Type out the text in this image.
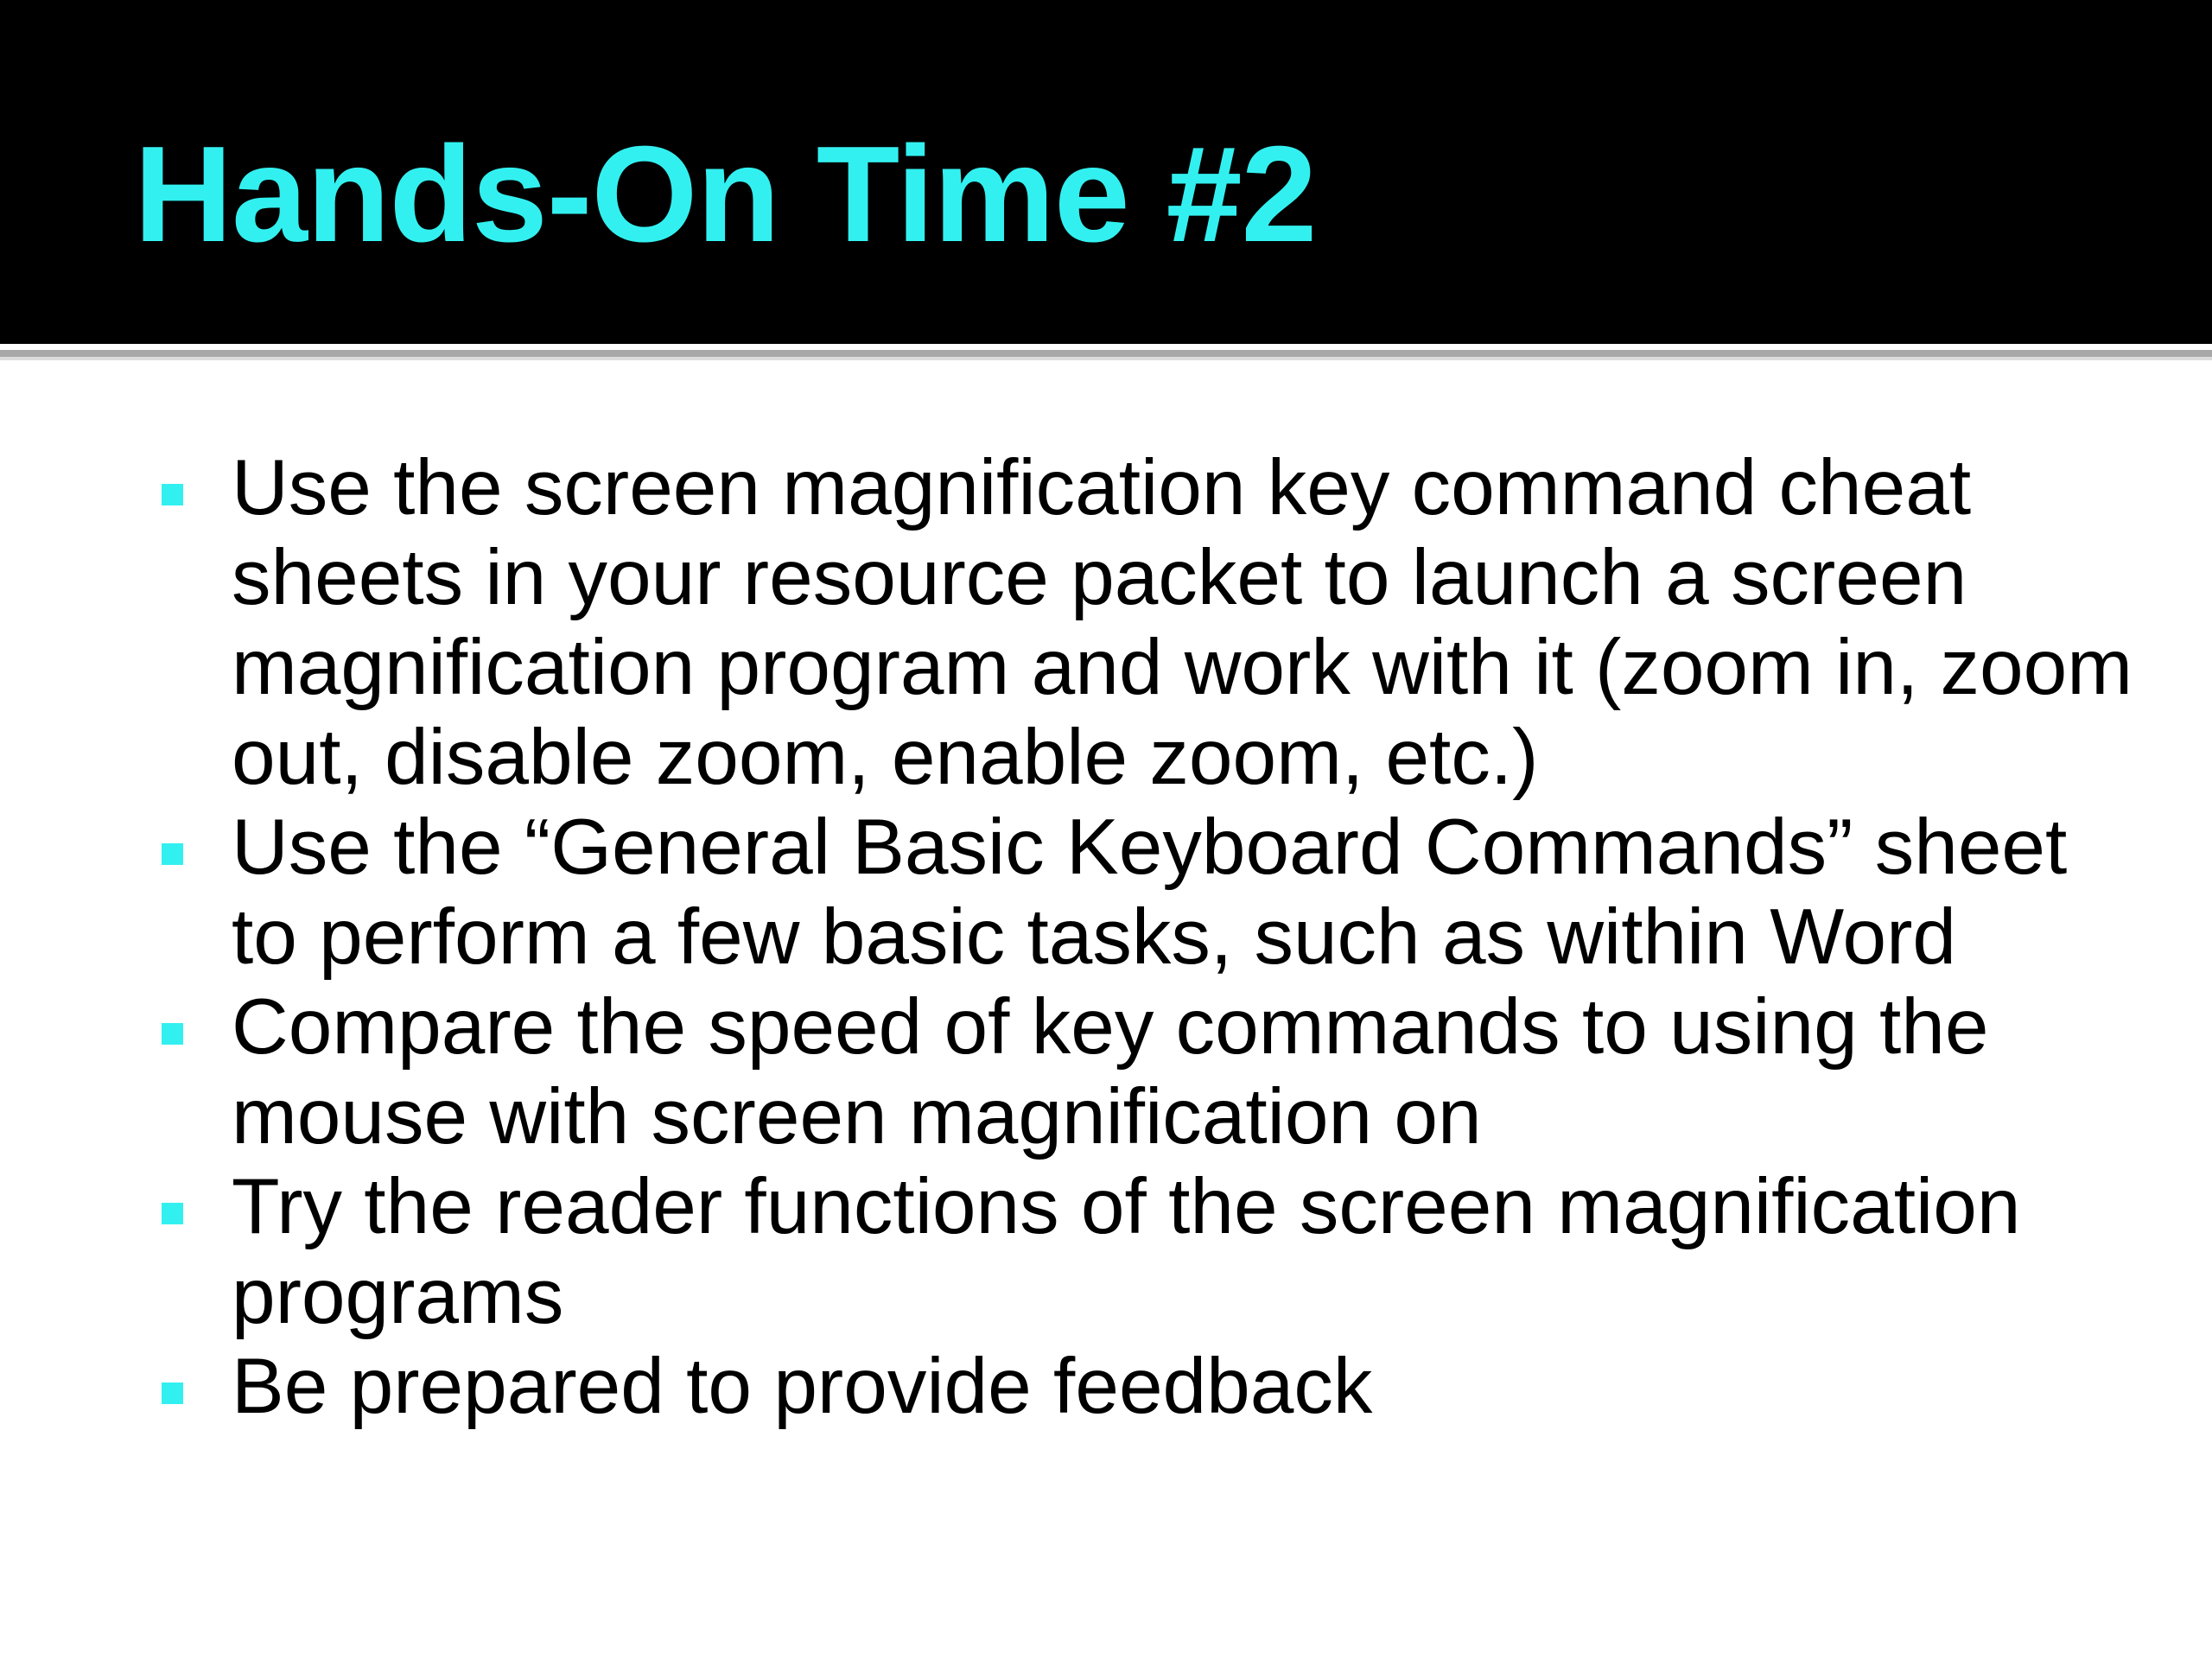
Hands-On Time #2
Use the screen magnification key command cheat sheets in your resource packet to launch a screen magnification program and work with it (zoom in, zoom out, disable zoom, enable zoom, etc.)
Use the “General Basic Keyboard Commands” sheet to perform a few basic tasks, such as within Word
Compare the speed of key commands to using the mouse with screen magnification on
Try the reader functions of the screen magnification programs
Be prepared to provide feedback
